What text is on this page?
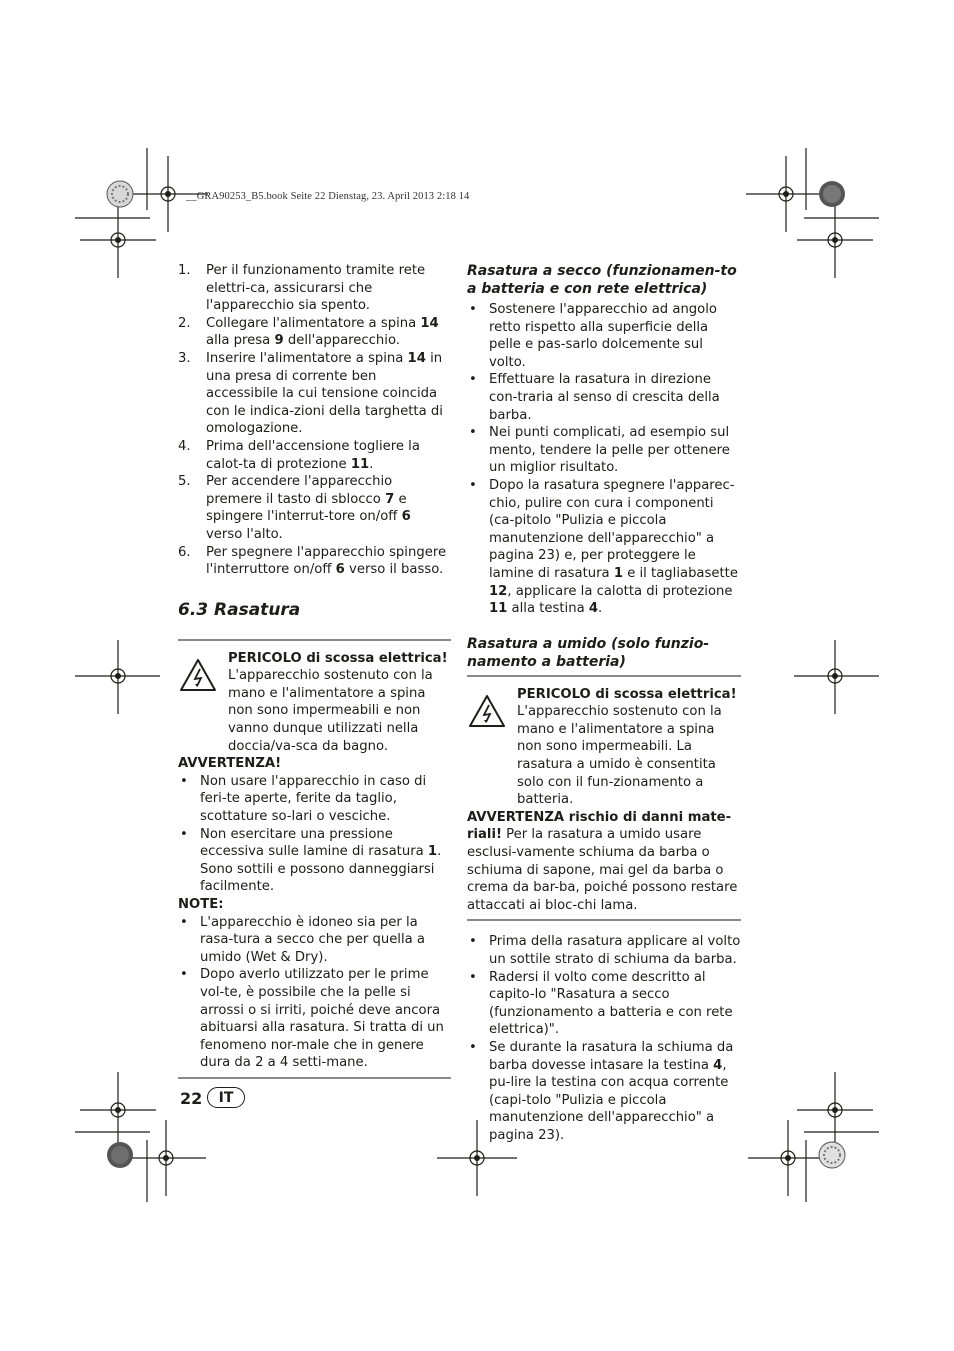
__GRA90253_B5.book Seite 22 Dienstag, 23. April 2013 2:18 14
1. Per il funzionamento tramite rete elettri-ca, assicurarsi che l'apparecchio sia spento.
2. Collegare l'alimentatore a spina 14 alla presa 9 dell'apparecchio.
3. Inserire l'alimentatore a spina 14 in una presa di corrente ben accessibile la cui tensione coincida con le indica-zioni della targhetta di omologazione.
4. Prima dell'accensione togliere la calot-ta di protezione 11.
5. Per accendere l'apparecchio premere il tasto di sblocco 7 e spingere l'interrut-tore on/off 6 verso l'alto.
6. Per spegnere l'apparecchio spingere l'interruttore on/off 6 verso il basso.
6.3 Rasatura
PERICOLO di scossa elettrica!
L'apparecchio sostenuto con la mano e l'alimentatore a spina non sono impermeabili e non vanno dunque utilizzati nella doccia/va-sca da bagno.
AVVERTENZA!
• Non usare l'apparecchio in caso di feri-te aperte, ferite da taglio, scottature so-lari o vesciche.
• Non esercitare una pressione eccessiva sulle lamine di rasatura 1. Sono sottili e possono danneggiarsi facilmente.
NOTE:
• L'apparecchio è idoneo sia per la rasa-tura a secco che per quella a umido (Wet & Dry).
• Dopo averlo utilizzato per le prime vol-te, è possibile che la pelle si arrossi o si irriti, poiché deve ancora abituarsi alla rasatura. Si tratta di un fenomeno nor-male che in genere dura da 2 a 4 setti-mane.
Rasatura a secco (funzionamen-to a batteria e con rete elettrica)
• Sostenere l'apparecchio ad angolo retto rispetto alla superficie della pelle e pas-sarlo dolcemente sul volto.
• Effettuare la rasatura in direzione con-traria al senso di crescita della barba.
• Nei punti complicati, ad esempio sul mento, tendere la pelle per ottenere un miglior risultato.
• Dopo la rasatura spegnere l'apparec-chio, pulire con cura i componenti (ca-pitolo "Pulizia e piccola manutenzione dell'apparecchio" a pagina 23) e, per proteggere le lamine di rasatura 1 e il tagliabasette 12, applicare la calotta di protezione 11 alla testina 4.
Rasatura a umido (solo funzio-namento a batteria)
PERICOLO di scossa elettrica!
L'apparecchio sostenuto con la mano e l'alimentatore a spina non sono impermeabili. La rasatura a umido è consentita solo con il fun-zionamento a batteria.
AVVERTENZA rischio di danni mate-riali! Per la rasatura a umido usare esclusi-vamente schiuma da barba o schiuma di sapone, mai gel da barba o crema da bar-ba, poiché possono restare attaccati ai bloc-chi lama.
• Prima della rasatura applicare al volto un sottile strato di schiuma da barba.
• Radersi il volto come descritto al capito-lo "Rasatura a secco (funzionamento a batteria e con rete elettrica)".
• Se durante la rasatura la schiuma da barba dovesse intasare la testina 4, pu-lire la testina con acqua corrente (capi-tolo "Pulizia e piccola manutenzione dell'apparecchio" a pagina 23).
22	IT
